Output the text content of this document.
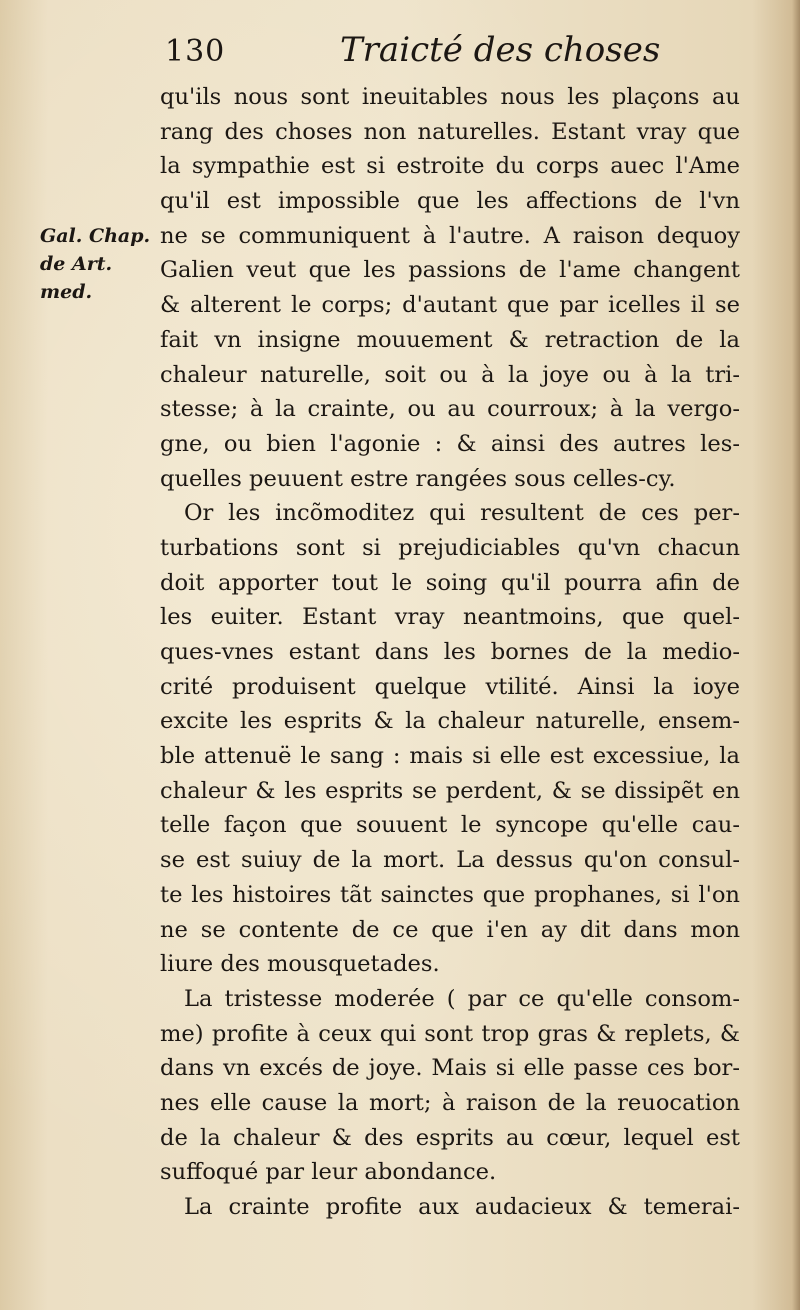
130	Traicté des choses
Gal. Chap.
de Art.
med.
qu'ils nous sont ineuitables nous les plaçons au
rang des choses non naturelles. Estant vray que
la sympathie est si estroite du corps auec l'Ame
qu'il est impossible que les affections de l'vn
ne se communiquent à l'autre. A raison dequoy
Galien veut que les passions de l'ame changent
& alterent le corps; d'autant que par icelles il se
fait vn insigne mouuement & retraction de la
chaleur naturelle, soit ou à la joye ou à la tri-
stesse; à la crainte, ou au courroux; à la vergo-
gne, ou bien l'agonie : & ainsi des autres les-
quelles peuuent estre rangées sous celles-cy.
Or les incõmoditez qui resultent de ces per-
turbations sont si prejudiciables qu'vn chacun
doit apporter tout le soing qu'il pourra afin de
les euiter. Estant vray neantmoins, que quel-
ques-vnes estant dans les bornes de la medio-
crité produisent quelque vtilité. Ainsi la ioye
excite les esprits & la chaleur naturelle, ensem-
ble attenuë le sang : mais si elle est excessiue, la
chaleur & les esprits se perdent, & se dissipẽt en
telle façon que souuent le syncope qu'elle cau-
se est suiuy de la mort. La dessus qu'on consul-
te les histoires tãt sainctes que prophanes, si l'on
ne se contente de ce que i'en ay dit dans mon
liure des mousquetades.
La tristesse moderée ( par ce qu'elle consom-
me) profite à ceux qui sont trop gras & replets, &
dans vn excés de joye. Mais si elle passe ces bor-
nes elle cause la mort; à raison de la reuocation
de la chaleur & des esprits au cœur, lequel est
suffoqué par leur abondance.
La crainte profite aux audacieux & temerai-
